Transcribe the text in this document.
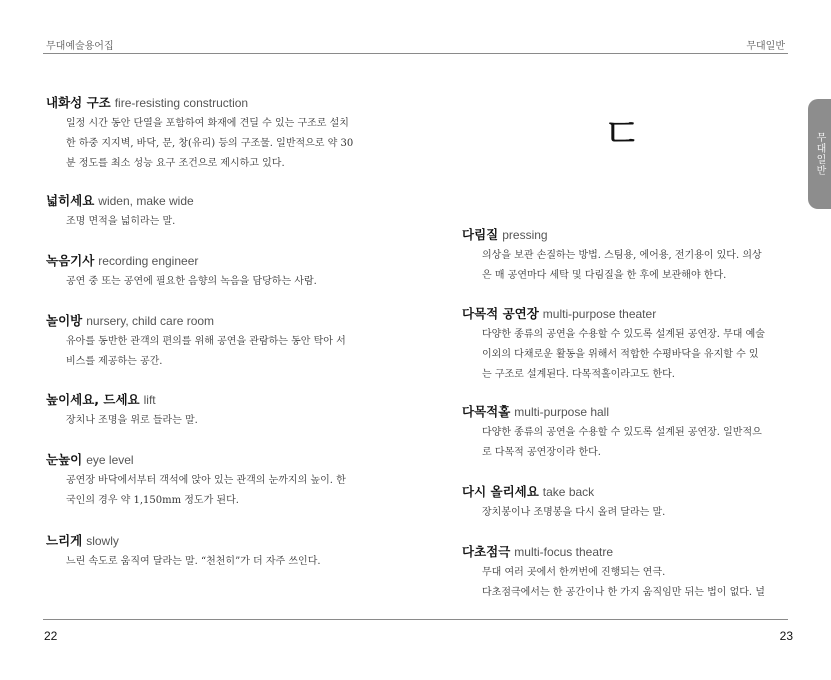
무대예술용어집	무대일반
무대일반
ㄷ
내화성 구조 fire-resisting construction
일정 시간 동안 단열을 포함하여 화재에 견딜 수 있는 구조로 설치
한 하중 지지벽, 바닥, 문, 창(유리) 등의 구조물. 일반적으로 약 30
분 정도를 최소 성능 요구 조건으로 제시하고 있다.
넓히세요 widen, make wide
조명 면적을 넓히라는 말.
녹음기사 recording engineer
공연 중 또는 공연에 필요한 음향의 녹음을 담당하는 사람.
놀이방 nursery, child care room
유아를 동반한 관객의 편의를 위해 공연을 관람하는 동안 탁아 서
비스를 제공하는 공간.
높이세요, 드세요 lift
장치나 조명을 위로 들라는 말.
눈높이 eye level
공연장 바닥에서부터 객석에 앉아 있는 관객의 눈까지의 높이. 한
국인의 경우 약 1,150mm 정도가 된다.
느리게 slowly
느린 속도로 움직여 달라는 말. “천천히”가 더 자주 쓰인다.
다림질 pressing
의상을 보관 손질하는 방법. 스팀용, 에어용, 전기용이 있다. 의상
은 매 공연마다 세탁 및 다림질을 한 후에 보관해야 한다.
다목적 공연장 multi-purpose theater
다양한 종류의 공연을 수용할 수 있도록 설계된 공연장. 무대 예술
이외의 다채로운 활동을 위해서 적합한 수평바닥을 유지할 수 있
는 구조로 설계된다. 다목적홀이라고도 한다.
다목적홀 multi-purpose hall
다양한 종류의 공연을 수용할 수 있도록 설계된 공연장. 일반적으
로 다목적 공연장이라 한다.
다시 올리세요 take back
장치봉이나 조명봉을 다시 올려 달라는 말.
다초점극 multi-focus theatre
무대 여러 곳에서 한꺼번에 진행되는 연극.
다초점극에서는 한 공간이나 한 가지 움직임만 뒤는 법이 없다. 널
22	23
